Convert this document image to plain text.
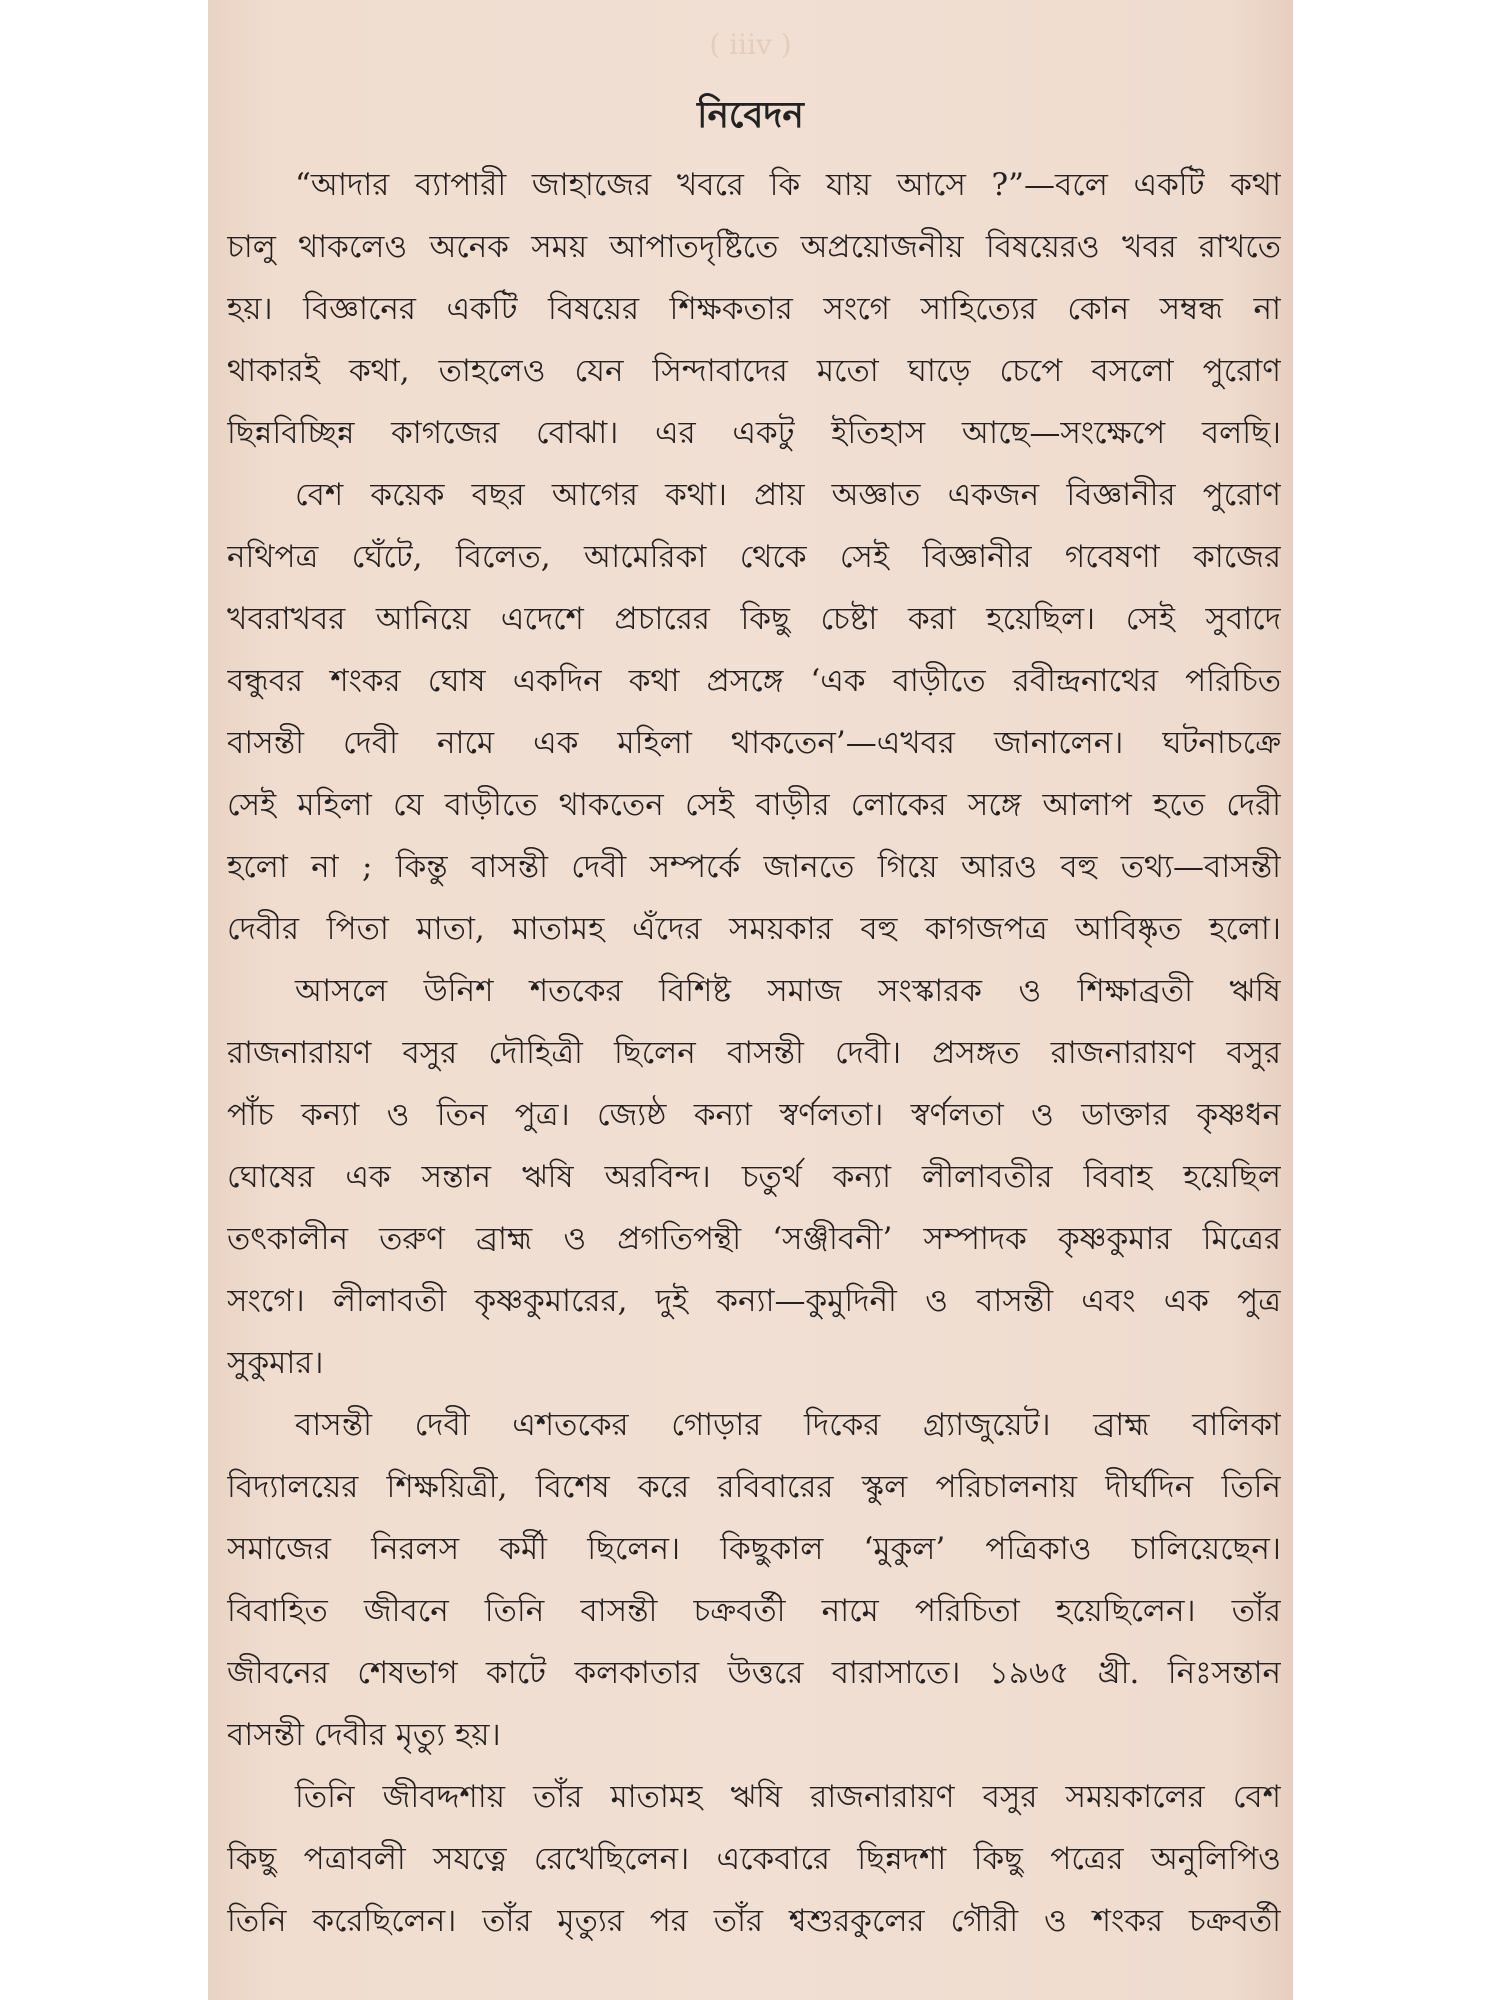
( iiiv )
নিবেদন
“আদার ব্যাপারী জাহাজের খবরে কি যায় আসে ?”—বলে একটি কথা
চালু থাকলেও অনেক সময় আপাতদৃষ্টিতে অপ্রয়োজনীয় বিষয়েরও খবর রাখতে
হয়। বিজ্ঞানের একটি বিষয়ের শিক্ষকতার সংগে সাহিত্যের কোন সম্বন্ধ না
থাকারই কথা, তাহলেও যেন সিন্দাবাদের মতো ঘাড়ে চেপে বসলো পুরোণ
ছিন্নবিচ্ছিন্ন কাগজের বোঝা। এর একটু ইতিহাস আছে—সংক্ষেপে বলছি।
বেশ কয়েক বছর আগের কথা। প্রায় অজ্ঞাত একজন বিজ্ঞানীর পুরোণ
নথিপত্র ঘেঁটে, বিলেত, আমেরিকা থেকে সেই বিজ্ঞানীর গবেষণা কাজের
খবরাখবর আনিয়ে এদেশে প্রচারের কিছু চেষ্টা করা হয়েছিল। সেই সুবাদে
বন্ধুবর শংকর ঘোষ একদিন কথা প্রসঙ্গে ‘এক বাড়ীতে রবীন্দ্রনাথের পরিচিত
বাসন্তী দেবী নামে এক মহিলা থাকতেন’—এখবর জানালেন। ঘটনাচক্রে
সেই মহিলা যে বাড়ীতে থাকতেন সেই বাড়ীর লোকের সঙ্গে আলাপ হতে দেরী
হলো না ; কিন্তু বাসন্তী দেবী সম্পর্কে জানতে গিয়ে আরও বহু তথ্য—বাসন্তী
দেবীর পিতা মাতা, মাতামহ এঁদের সময়কার বহু কাগজপত্র আবিষ্কৃত হলো।
আসলে উনিশ শতকের বিশিষ্ট সমাজ সংস্কারক ও শিক্ষাব্রতী ঋষি
রাজনারায়ণ বসুর দৌহিত্রী ছিলেন বাসন্তী দেবী। প্রসঙ্গত রাজনারায়ণ বসুর
পাঁচ কন্যা ও তিন পুত্র। জ্যেষ্ঠ কন্যা স্বর্ণলতা। স্বর্ণলতা ও ডাক্তার কৃষ্ণধন
ঘোষের এক সন্তান ঋষি অরবিন্দ। চতুর্থ কন্যা লীলাবতীর বিবাহ হয়েছিল
তৎকালীন তরুণ ব্রাহ্ম ও প্রগতিপন্থী ‘সঞ্জীবনী’ সম্পাদক কৃষ্ণকুমার মিত্রের
সংগে। লীলাবতী কৃষ্ণকুমারের, দুই কন্যা—কুমুদিনী ও বাসন্তী এবং এক পুত্র
সুকুমার।
বাসন্তী দেবী এশতকের গোড়ার দিকের গ্র্যাজুয়েট। ব্রাহ্ম বালিকা
বিদ্যালয়ের শিক্ষয়িত্রী, বিশেষ করে রবিবারের স্কুল পরিচালনায় দীর্ঘদিন তিনি
সমাজের নিরলস কর্মী ছিলেন। কিছুকাল ‘মুকুল’ পত্রিকাও চালিয়েছেন।
বিবাহিত জীবনে তিনি বাসন্তী চক্রবর্তী নামে পরিচিতা হয়েছিলেন। তাঁর
জীবনের শেষভাগ কাটে কলকাতার উত্তরে বারাসাতে। ১৯৬৫ খ্রী. নিঃসন্তান
বাসন্তী দেবীর মৃত্যু হয়।
তিনি জীবদ্দশায় তাঁর মাতামহ ঋষি রাজনারায়ণ বসুর সময়কালের বেশ
কিছু পত্রাবলী সযত্নে রেখেছিলেন। একেবারে ছিন্নদশা কিছু পত্রের অনুলিপিও
তিনি করেছিলেন। তাঁর মৃত্যুর পর তাঁর শ্বশুরকুলের গৌরী ও শংকর চক্রবর্তী
